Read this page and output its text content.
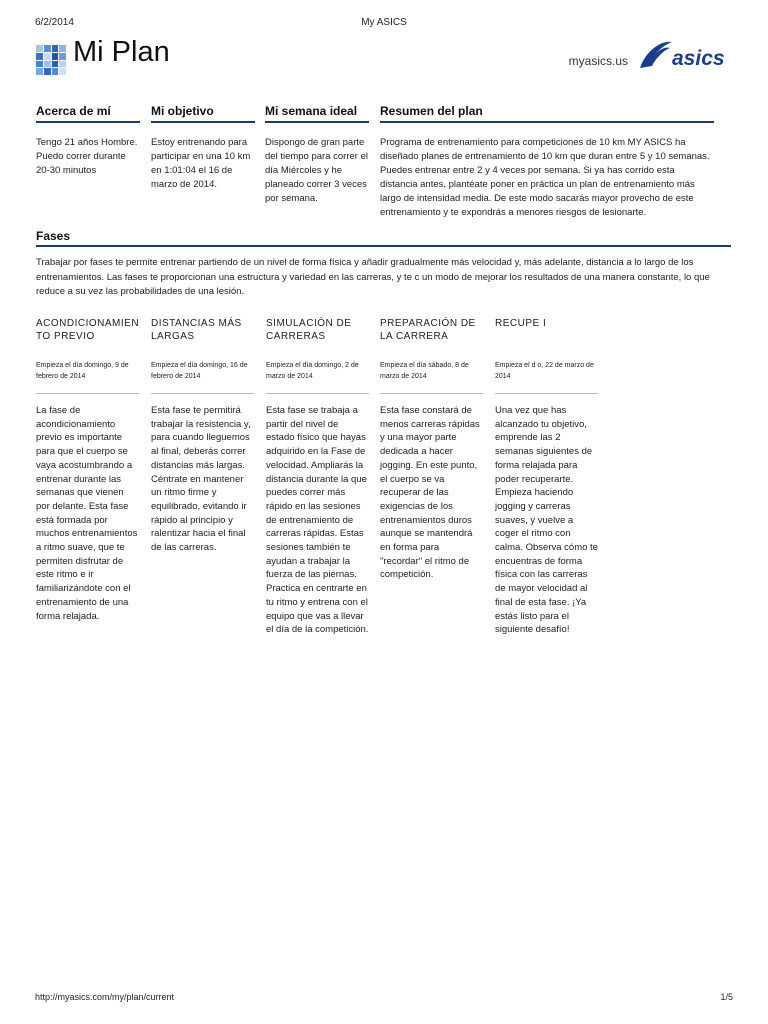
6/2/2014	My ASICS
Mi Plan	myasics.us asics
Acerca de mí

Tengo 21 años Hombre. Puedo correr durante 20-30 minutos

Mi objetivo

Estoy entrenando para participar en una 10 km en 1:01:04 el 16 de marzo de 2014.

Mi semana ideal

Dispongo de gran parte del tiempo para correr el día Miércoles y he planeado correr 3 veces por semana.

Resumen del plan

Programa de entrenamiento para competiciones de 10 km MY ASICS ha diseñado planes de entrenamiento de 10 km que duran entre 5 y 10 semanas. Puedes entrenar entre 2 y 4 veces por semana. Si ya has corrido esta distancia antes, plantéate poner en práctica un plan de entrenamiento más largo de intensidad media. De este modo sacarás mayor provecho de este entrenamiento y te expondrás a menores riesgos de lesionarte.

Fases
Trabajar por fases te permite entrenar partiendo de un nivel de forma física y añadir gradualmente más velocidad y, más adelante, distancia a lo largo de los entrenamientos. Las fases te proporcionan una estructura y variedad en las carreras, y te c un modo de mejorar los resultados de una manera constante, lo que reduce a su vez las probabilidades de una lesión.
ACONDICIONAMIEN TO PREVIO
Empieza el día domingo, 9 de febrero de 2014
La fase de acondicionamiento previo es importante para que el cuerpo se vaya acostumbrando a entrenar durante las semanas que vienen por delante. Esta fase está formada por muchos entrenamientos a ritmo suave, que te permiten disfrutar de este ritmo e ir familiarizándote con el entrenamiento de una forma relajada.
DISTANCIAS MÁS LARGAS
Empieza el día domingo, 16 de febrero de 2014
Esta fase te permitirá trabajar la resistencia y, para cuando lleguemos al final, deberás correr distancias más largas. Céntrate en mantener un ritmo firme y equilibrado, evitando ir rápido al principio y ralentizar hacia el final de las carreras.
SIMULACIÓN DE CARRERAS
Empieza el día domingo, 2 de marzo de 2014
Esta fase se trabaja a partir del nivel de estado físico que hayas adquirido en la Fase de velocidad. Ampliarás la distancia durante la que puedes correr más rápido en las sesiones de entrenamiento de carreras rápidas. Estas sesiones también te ayudan a trabajar la fuerza de las piernas. Practica en centrarte en tu ritmo y entrena con el equipo que vas a llevar el día de la competición.
PREPARACIÓN DE LA CARRERA
Empieza el día sábado, 8 de marzo de 2014
Esta fase constará de menos carreras rápidas y una mayor parte dedicada a hacer jogging. En este punto, el cuerpo se va recuperar de las exigencias de los entrenamientos duros aunque se mantendrá en forma para "recordar" el ritmo de competición.
RECUPE I
Empieza el d o, 22 de marzo de 2014
Una vez que has alcanzado tu objetivo, emprende las 2 semanas siguientes de forma relajada para poder recuperarte. Empieza haciendo jogging y carreras suaves, y vuelve a coger el ritmo con calma. Observa cómo te encuentras de forma física con las carreras de mayor velocidad al final de esta fase. ¡Ya estás listo para el siguiente desafío!
http://myasics.com/my/plan/current	1/5
